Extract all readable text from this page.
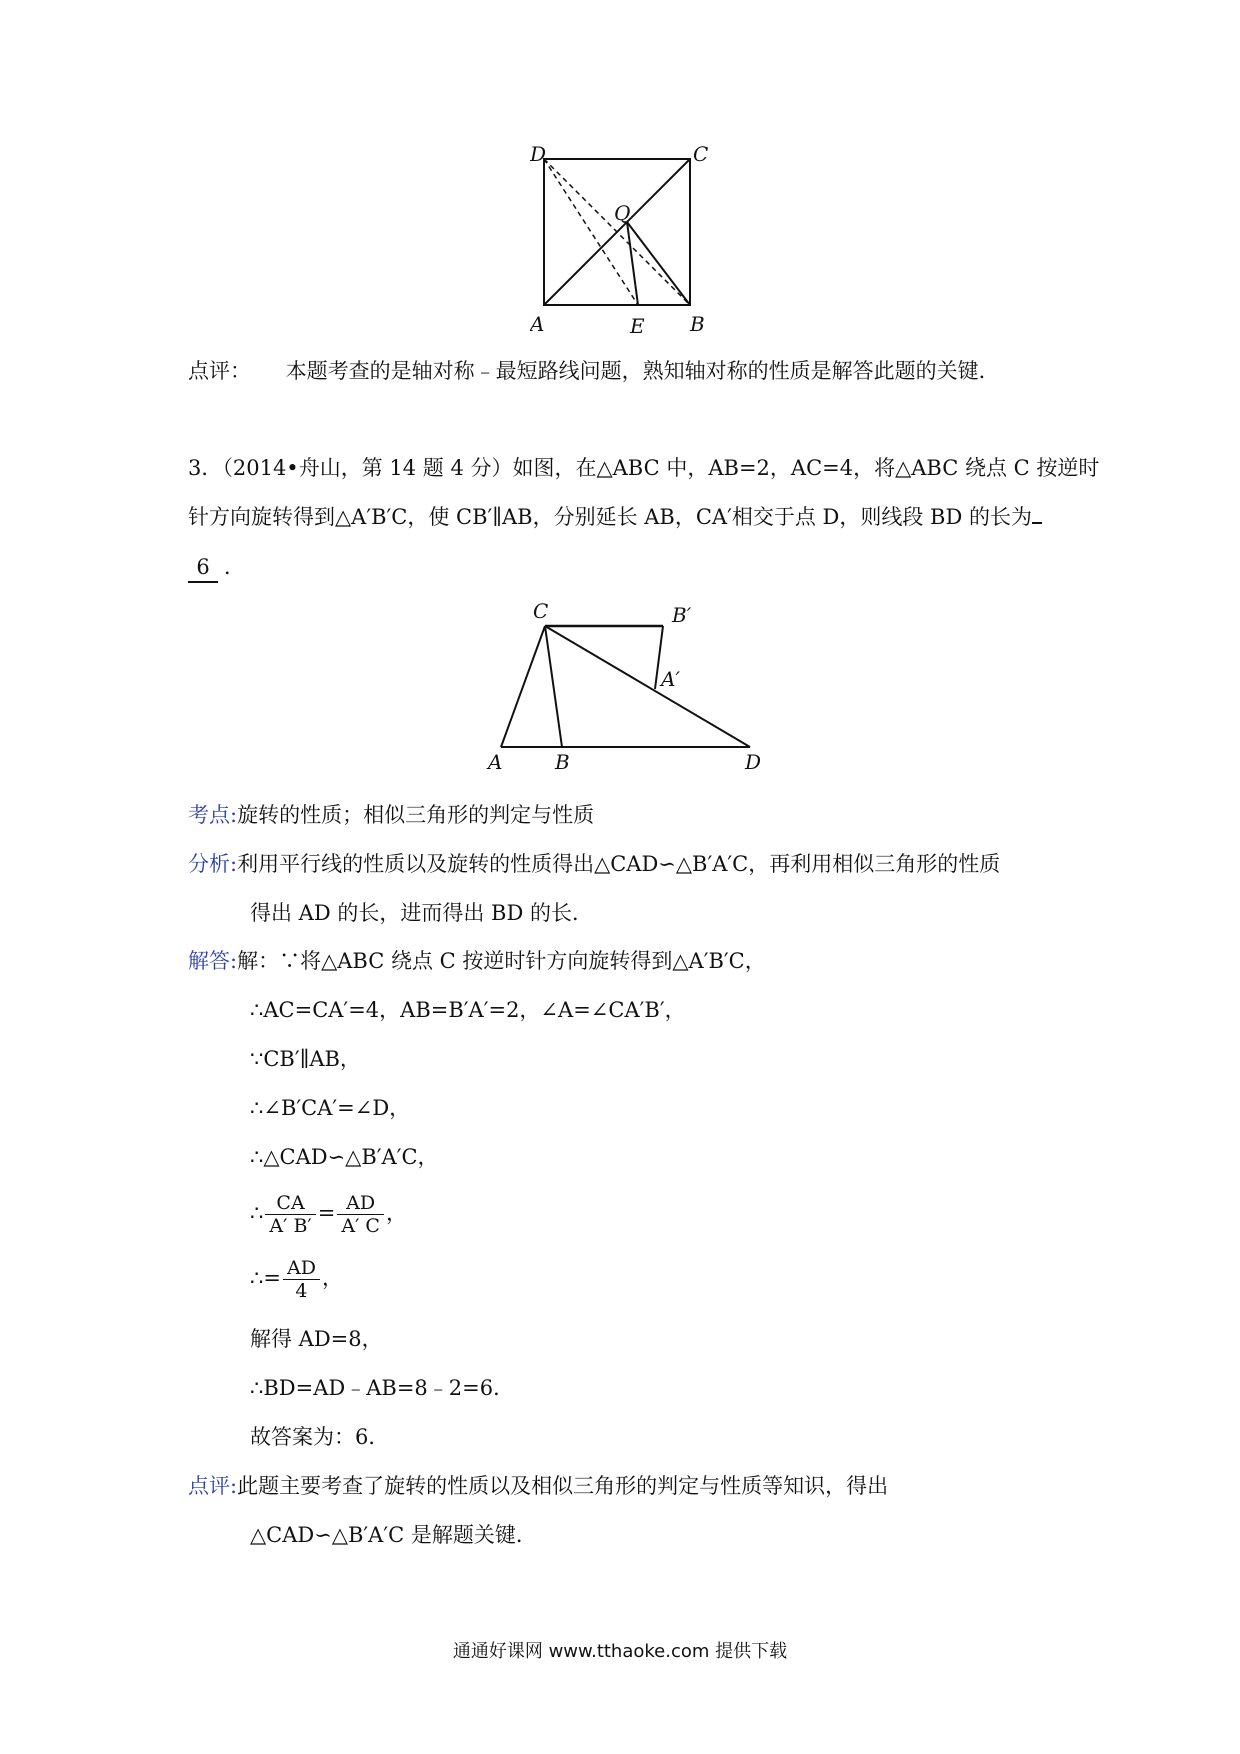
D	C
Q
A	E B
点评： 本题考查的是轴对称﹣最短路线问题，熟知轴对称的性质是解答此题的关键．
3．（2014•舟山，第 14 题 4 分）如图，在△ABC 中，AB=2，AC=4，将△ABC 绕点 C 按逆时
针方向旋转得到△A′B′C，使 CB′∥AB，分别延长 AB，CA′相交于点 D，则线段 BD 的长为
6 ．
C	B′
A′
A	B	D
考点:旋转的性质；相似三角形的判定与性质
分析:利用平行线的性质以及旋转的性质得出△CAD∽△B′A′C，再利用相似三角形的性质
得出 AD 的长，进而得出 BD 的长．
解答:解：∵将△ABC 绕点 C 按逆时针方向旋转得到△A′B′C，
∴AC=CA′=4，AB=B′A′=2，∠A=∠CA′B′，
∵CB′∥AB，
∴∠B′CA′=∠D，
∴△CAD∽△B′A′C，
∴ $\frac{CA}{A' B'} = \frac{AD}{A' C}$ ，
∴= $\frac{AD}{4}$ ，
解得 AD=8，
∴BD=AD﹣AB=8﹣2=6．
故答案为：6．
点评:此题主要考查了旋转的性质以及相似三角形的判定与性质等知识，得出
△CAD∽△B′A′C 是解题关键．
通通好课网 www.tthaoke.com 提供下载
